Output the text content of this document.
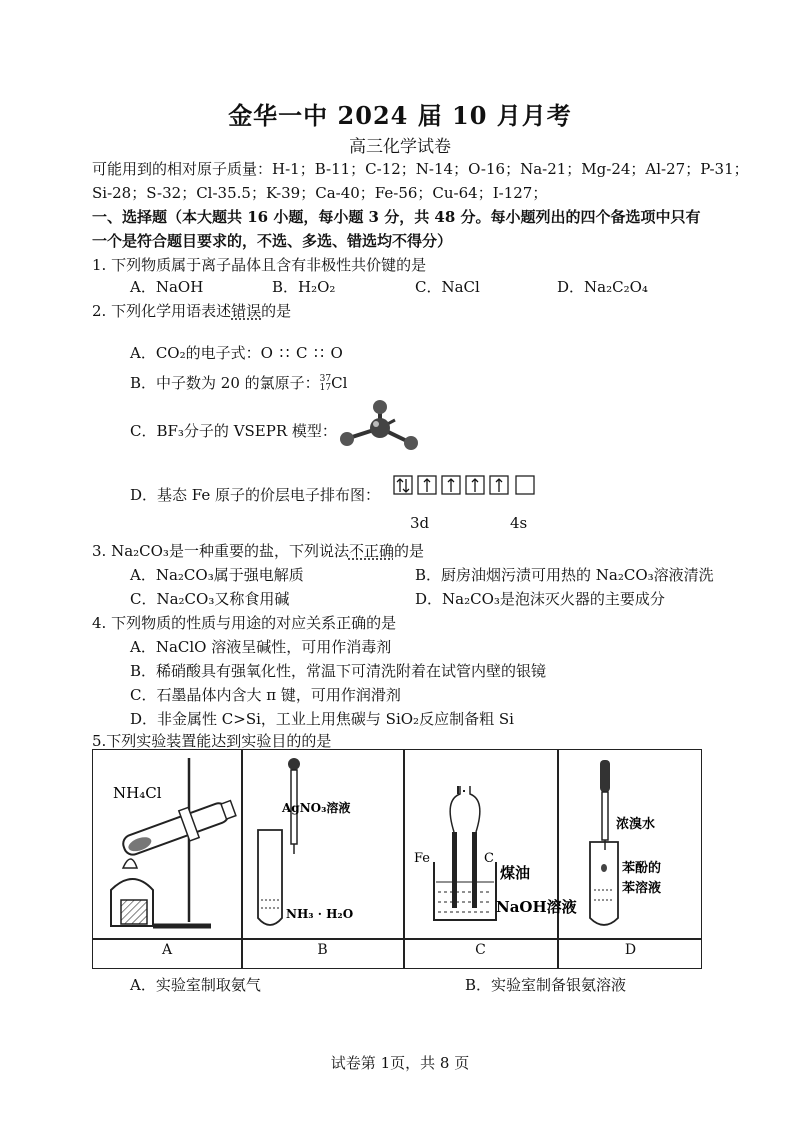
金华一中 2024 届 10 月月考
高三化学试卷
可能用到的相对原子质量：H-1；B-11；C-12；N-14；O-16；Na-21；Mg-24；Al-27；P-31；
Si-28；S-32；Cl-35.5；K-39；Ca-40；Fe-56；Cu-64；I-127；
一、选择题（本大题共 16 小题，每小题 3 分，共 48 分。每小题列出的四个备选项中只有
一个是符合题目要求的，不选、多选、错选均不得分）
1. 下列物质属于离子晶体且含有非极性共价键的是
A．NaOH	B．H₂O₂	C．NaCl	D．Na₂C₂O₄
2. 下列化学用语表述错误的是
A．CO₂的电子式：O ∷ C ∷ O
B．中子数为 20 的氯原子： 37
17 Cl
C．BF₃分子的 VSEPR 模型：
D．基态 Fe 原子的价层电子排布图：
3d	4s
3. Na₂CO₃是一种重要的盐，下列说法不正确的是
A．Na₂CO₃属于强电解质	B．厨房油烟污渍可用热的 Na₂CO₃溶液清洗
C．Na₂CO₃又称食用碱	D．Na₂CO₃是泡沫灭火器的主要成分
4. 下列物质的性质与用途的对应关系正确的是
A．NaClO 溶液呈碱性，可用作消毒剂
B．稀硝酸具有强氧化性，常温下可清洗附着在试管内壁的银镜
C．石墨晶体内含大 π 键，可用作润滑剂
D．非金属性 C>Si，工业上用焦碳与 SiO₂反应制备粗 Si
5.下列实验装置能达到实验目的的是
A	B	C	D
NH₄Cl
AgNO₃溶液
NH₃ · H₂O
Fe	C
煤油
NaOH溶液
浓溴水
苯酚的
苯溶液
A．实验室制取氨气	B．实验室制备银氨溶液
试卷第 1页，共 8 页
